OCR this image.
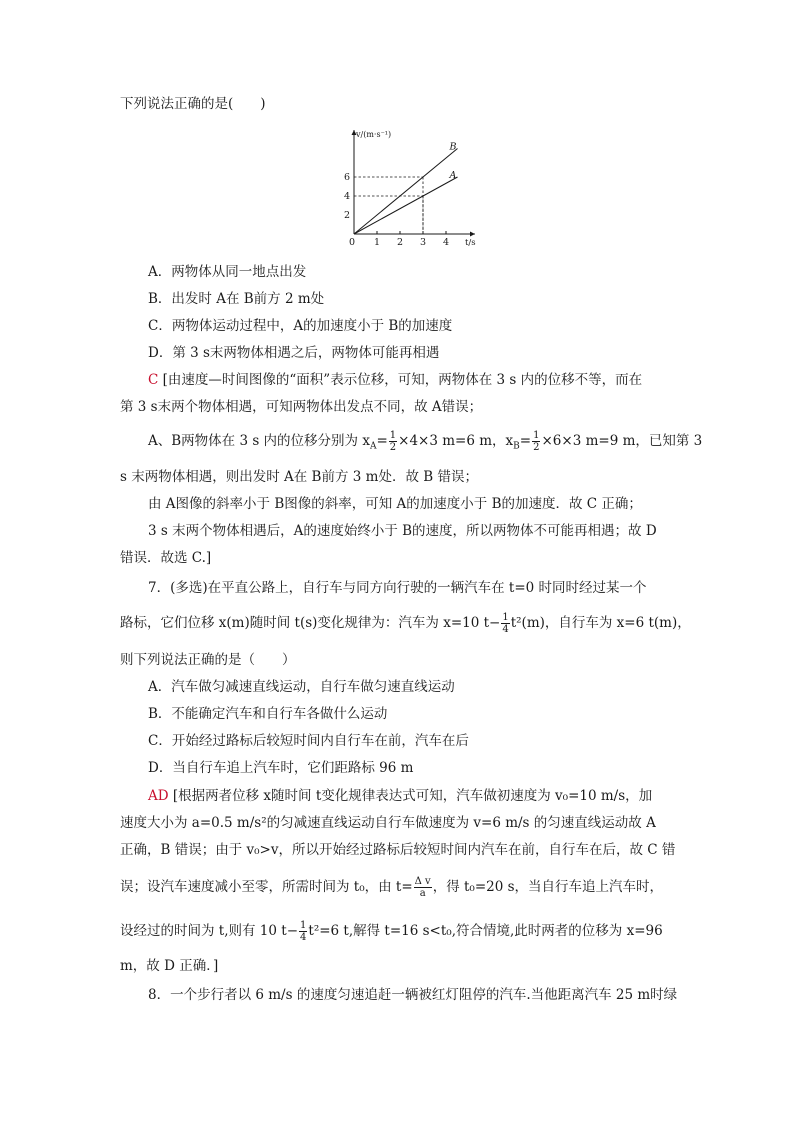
下列说法正确的是(　　)
1 2 3 4
2
4
6
0
v/(m·s⁻¹)
t/s
A
B
A．两物体从同一地点出发
B．出发时 A在 B前方 2 m处
C．两物体运动过程中，A的加速度小于 B的加速度
D．第 3 s末两物体相遇之后，两物体可能再相遇
C [由速度—时间图像的“面积”表示位移，可知，两物体在 3 s 内的位移不等，而在
第 3 s末两个物体相遇，可知两物体出发点不同，故 A错误；
A、B两物体在 3 s 内的位移分别为 $x_A= \frac{1}{2} \times 4\times 3$ m=6 m，$x_B= \frac{1}{2} \times 6\times 3$ m=9 m，已知第 3
s 末两物体相遇，则出发时 A在 B前方 3 m处．故 B 错误；
由 A图像的斜率小于 B图像的斜率，可知 A的加速度小于 B的加速度．故 C 正确；
3 s 末两个物体相遇后，A的速度始终小于 B的速度，所以两物体不可能再相遇；故 D
错误．故选 C.]
7．(多选)在平直公路上，自行车与同方向行驶的一辆汽车在 t=0 时同时经过某一个
路标，它们位移 x(m)随时间 t(s)变化规律为：汽车为 x=10 $t- \frac{1}{4} t^2(m)$，自行车为 x=6 t(m)，
则下列说法正确的是（　　）
A．汽车做匀减速直线运动，自行车做匀速直线运动
B．不能确定汽车和自行车各做什么运动
C．开始经过路标后较短时间内自行车在前，汽车在后
D．当自行车追上汽车时，它们距路标 96 m
AD [根据两者位移 x随时间 t变化规律表达式可知，汽车做初速度为 v₀=10 m/s，加
速度大小为 a=0.5 m/s²的匀减速直线运动自行车做速度为 v=6 m/s 的匀速直线运动故 A
正确，B 错误；由于 v₀>v，所以开始经过路标后较短时间内汽车在前，自行车在后，故 C 错
误；设汽车速度减小至零，所需时间为 t₀，由 $t= \frac{\text{Δ v}}{a}$ ，得 t₀=20 s，当自行车追上汽车时，
设经过的时间为 t,则有 10 $t- \frac{1}{4} t^2=6$ t,解得 t=16 s<t₀,符合情境,此时两者的位移为 x=96
m，故 D 正确．]
8．一个步行者以 6 m/s 的速度匀速追赶一辆被红灯阻停的汽车.当他距离汽车 25 m时绿
